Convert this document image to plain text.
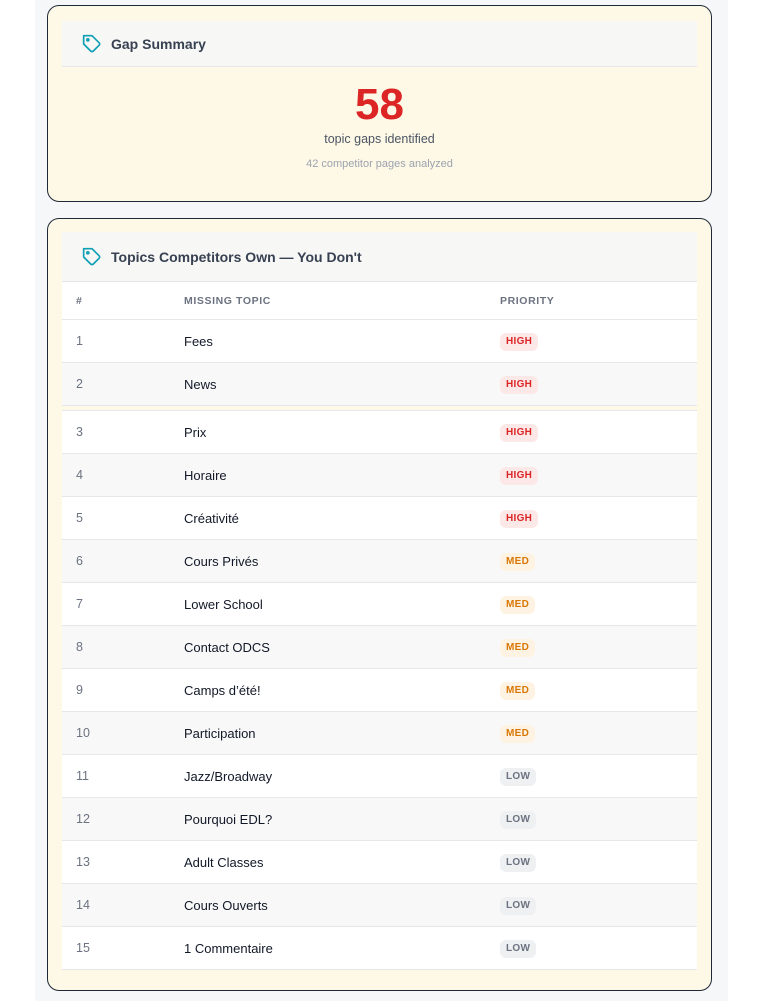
Gap Summary
58
topic gaps identified
42 competitor pages analyzed
Topics Competitors Own — You Don't
#	MISSING TOPIC	PRIORITY
1	Fees	HIGH
2	News	HIGH
3	Prix	HIGH
4	Horaire	HIGH
5	Créativité	HIGH
6	Cours Privés	MED
7	Lower School	MED
8	Contact ODCS	MED
9	Camps d’été!	MED
10	Participation	MED
11	Jazz/Broadway	LOW
12	Pourquoi EDL?	LOW
13	Adult Classes	LOW
14	Cours Ouverts	LOW
15	1 Commentaire	LOW
